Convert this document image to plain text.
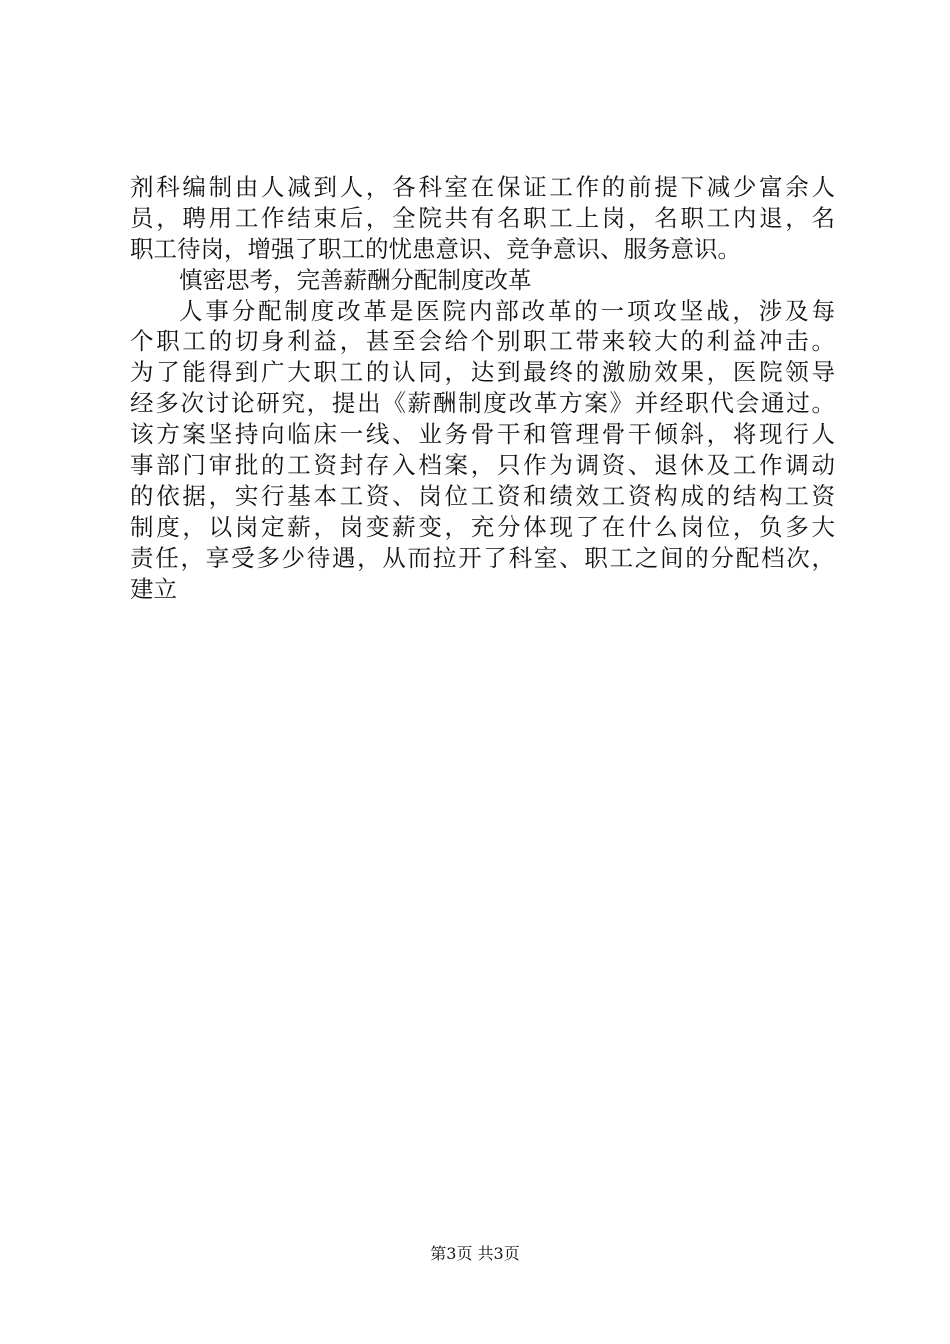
剂科编制由人减到人，各科室在保证工作的前提下减少富余人
员，聘用工作结束后，全院共有名职工上岗，名职工内退，名
职工待岗，增强了职工的忧患意识、竞争意识、服务意识。
慎密思考，完善薪酬分配制度改革
人事分配制度改革是医院内部改革的一项攻坚战，涉及每
个职工的切身利益，甚至会给个别职工带来较大的利益冲击。
为了能得到广大职工的认同，达到最终的激励效果，医院领导
经多次讨论研究，提出《薪酬制度改革方案》并经职代会通过。
该方案坚持向临床一线、业务骨干和管理骨干倾斜，将现行人
事部门审批的工资封存入档案，只作为调资、退休及工作调动
的依据，实行基本工资、岗位工资和绩效工资构成的结构工资
制度，以岗定薪，岗变薪变，充分体现了在什么岗位，负多大
责任，享受多少待遇，从而拉开了科室、职工之间的分配档次，
建立
第3页 共3页
